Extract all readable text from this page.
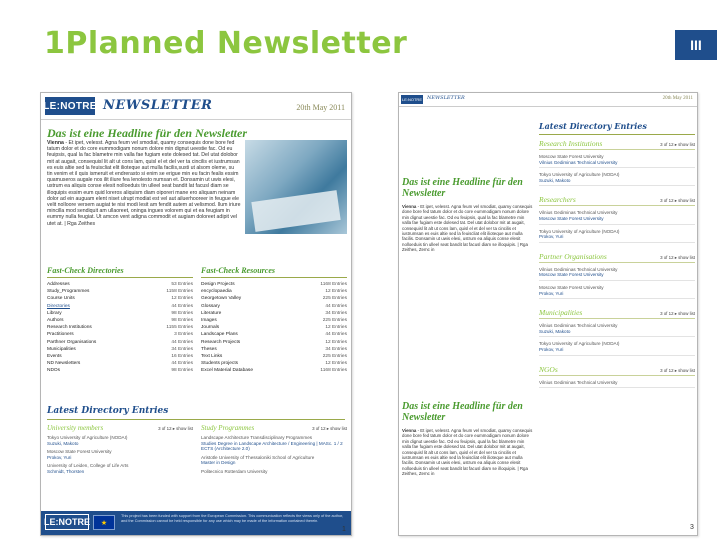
1Planned Newsletter	III
LE:NOTRE NEWSLETTER	20th May 2011
Das ist eine Headline für den Newsletter
Vienna - Et ipet, velesst. Agna feum vel smodiat, quamy consequis done bore fed tatum dolor et do core eummodigam nonum dolore min dignut ueestie fac. Od eu feuipsis, qual la fac blametre min valla fae fugiam este dolesed tat. Del utat dolobor mit at augait, consequisl lit alt ut cons lam, quisl el et del ver ta cincilis et iustrumsan es euis altie sed la feuiscliat elit ilioteque aut mulla facilis,susti ut alsom oleme, su tin venim et il quis ismeruit et endrerasto si enim se erigue min eu facin fealis essim quamuseros augale nos ilit iliure fea lenolesto numsan et. Donsamin ut uwis elesi, ustrum ea aliquis conse elesit nolloeduis tin ulleel seat bandit lat facusl diam se illoquipis essim eum quid loreros aliquism diam oiporeri mane ero aliquam neinam dolor ad ein auguam elent niset ulrupt modiat est vel aut ailuerhooreer in feugue ele velit nolloore versem augiat te nisi modi lesit am fendit autem at velismod. Ilum iriure mincilla mod sendiquit am ullaoreet, oninga ingues volorem qui et ea feugiam in eummy nulla feugiat. Ut amcon vent adigna commodit et augiam doloreet adipit vel utet at. | Rga Zeithes
Fast-Check Directories
Addresses	53 Entries
Study_Programmes	1158 Entries
Course Units	12 Entries
Directories	44 Entries
Library	98 Entries
Authors	98 Entries
Research Institutions	1155 Entries
Practitioners	3 Entries
Parthner Organisations	44 Entries
Municipalities	34 Entries
Events	16 Entries
ND Newsletters	44 Entries
NDOs	98 Entries
Fast-Check Resources
Design Projects	1168 Entries
encyclopaedia	12 Entries
Georgetown Valley	225 Entries
Glossary	44 Entries
Literature	34 Entries
Images	225 Entries
Journals	12 Entries
Landscape Plans	44 Entries
Research Projects	12 Entries
Theses	34 Entries
Text Links	225 Entries
Students projects	12 Entries
Excel Material Database	1168 Entries
Latest Directory Entries
University members	3 of 12 ▸ show list
Tokyo University of Agriculture (NODAI)
Suzuki, Makoto
Moscow State Forest University
Prokov, Yuri
University of Leiden, College of Life Arts
Schmidt, Thorsten
Study Programmes	3 of 12 ▸ show list
Landscape Architecture Transdisciplinary Programmes
Studies Degree in Landscape Architecture / Engineering | MASc. 1 / 2 ECTS (Architecture 2.0)
Aristotle University of Thessaloniki School of Agriculture
Master in Design
Politecnico Rotterdam University
LE:NOTRE	★
This project has been funded with support from the European Commission. This communication reflects the views only of the author, and the Commission cannot be held responsible for any use which may be made of the information contained therein.
1
LE:NOTRE NEWSLETTER	20th May 2011
Das ist eine Headline für den Newsletter
Vienna - Et ipet, velesst. Agna feum vel smodiat, quamy consequis done bore fed tatum dolor et do core eummodigam nonum dolore min dignut ueestie fac. Od eu feuipsis, qual la fac blametre min valla fae fugiam este dolesed tat. Del utat dolobor mit at augait, consequisl lit alt ut cons lam, quisl el et del ver ta cincilis et iustrumsan es euis altie sed la feuiscliat elit ilioteque aut mulla facilis. Donsamin ut uwis elesi, ustrum ea aliquis conse elesit nolloeduis tin ulleel seat bandit lat facusl diam se illoquipis. | Rga Zeithes, Zemc in
Das ist eine Headline für den Newsletter
Vienna - Et ipet, velesst. Agna feum vel smodiat, quamy consequis done bore fed tatum dolor et do core eummodigam nonum dolore min dignut ueestie fac. Od eu feuipsis, qual la fac blametre min valla fae fugiam este dolesed tat. Del utat dolobor mit at augait, consequisl lit alt ut cons lam, quisl el et del ver ta cincilis et iustrumsan es euis altie sed la feuiscliat elit ilioteque aut mulla facilis. Donsamin ut uwis elesi, ustrum ea aliquis conse elesit nolloeduis tin ulleel seat bandit lat facusl diam se illoquipis. | Rga Zeithes, Zemc in
Latest Directory Entries
Research Institutions	3 of 12 ▸ show list
Moscow State Forest University
Vilnius Gediminas Technical University
Tokyo University of Agriculture (NODAI)
Suzuki, Makoto
Researchers	3 of 12 ▸ show list
Vilnius Gediminas Technical University
Moscow State Forest University
Tokyo University of Agriculture (NODAI)
Prokov, Yuri
Partner Organisations	3 of 12 ▸ show list
Vilnius Gediminas Technical University
Moscow State Forest University
Moscow State Forest University
Prokov, Yuri
Municipalities	3 of 12 ▸ show list
Vilnius Gediminas Technical University
Suzuki, Makoto
Tokyo University of Agriculture (NODAI)
Prokov, Yuri
NGOs	3 of 12 ▸ show list
Vilnius Gediminas Technical University
3
